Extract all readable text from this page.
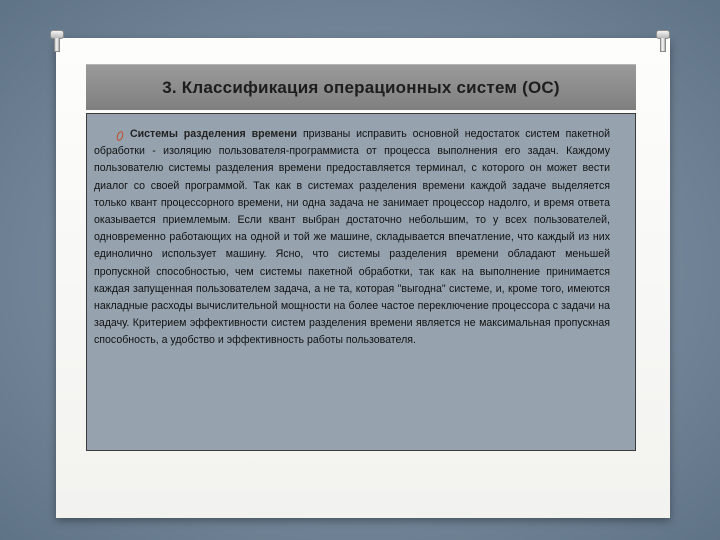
3. Классификация операционных систем (ОС)

Системы разделения времени призваны исправить основной недостаток систем пакетной обработки - изоляцию пользователя-программиста от процесса выполнения его задач. Каждому пользователю системы разделения времени предоставляется терминал, с которого он может вести диалог со своей программой. Так как в системах разделения времени каждой задаче выделяется только квант процессорного времени, ни одна задача не занимает процессор надолго, и время ответа оказывается приемлемым. Если квант выбран достаточно небольшим, то у всех пользователей, одновременно работающих на одной и той же машине, складывается впечатление, что каждый из них единолично использует машину. Ясно, что системы разделения времени обладают меньшей пропускной способностью, чем системы пакетной обработки, так как на выполнение принимается каждая запущенная пользователем задача, а не та, которая "выгодна" системе, и, кроме того, имеются накладные расходы вычислительной мощности на более частое переключение процессора с задачи на задачу. Критерием эффективности систем разделения времени является не максимальная пропускная способность, а удобство и эффективность работы пользователя.
